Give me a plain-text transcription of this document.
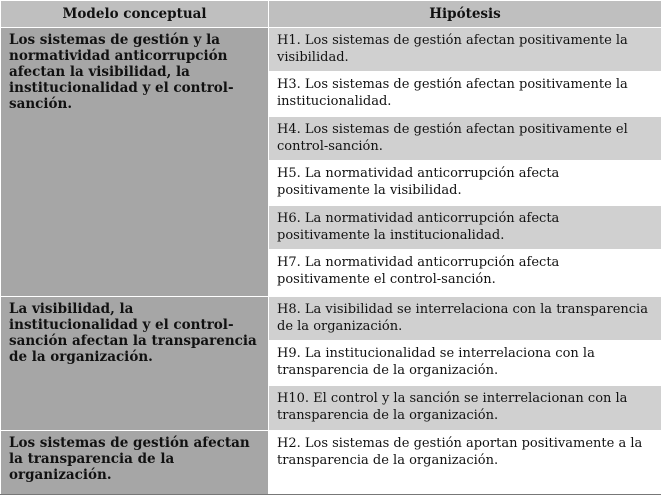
Modelo conceptual	Hipótesis
Los sistemas de gestión y la normatividad anticorrupción afectan la visibilidad, la institucionalidad y el control-sanción.	H1. Los sistemas de gestión afectan positivamente la visibilidad.
	H3. Los sistemas de gestión afectan positivamente la institucionalidad.
	H4. Los sistemas de gestión afectan positivamente el control-sanción.
	H5. La normatividad anticorrupción afecta positivamente la visibilidad.
	H6. La normatividad anticorrupción afecta positivamente la institucionalidad.
	H7. La normatividad anticorrupción afecta positivamente el control-sanción.
La visibilidad, la institucionalidad y el control-sanción afectan la transparencia de la organización.	H8. La visibilidad se interrelaciona con la transparencia de la organización.
	H9. La institucionalidad se interrelaciona con la transparencia de la organización.
	H10. El control y la sanción se interrelacionan con la transparencia de la organización.
Los sistemas de gestión afectan la transparencia de la organización.	H2. Los sistemas de gestión aportan positivamente a la transparencia de la organización.
